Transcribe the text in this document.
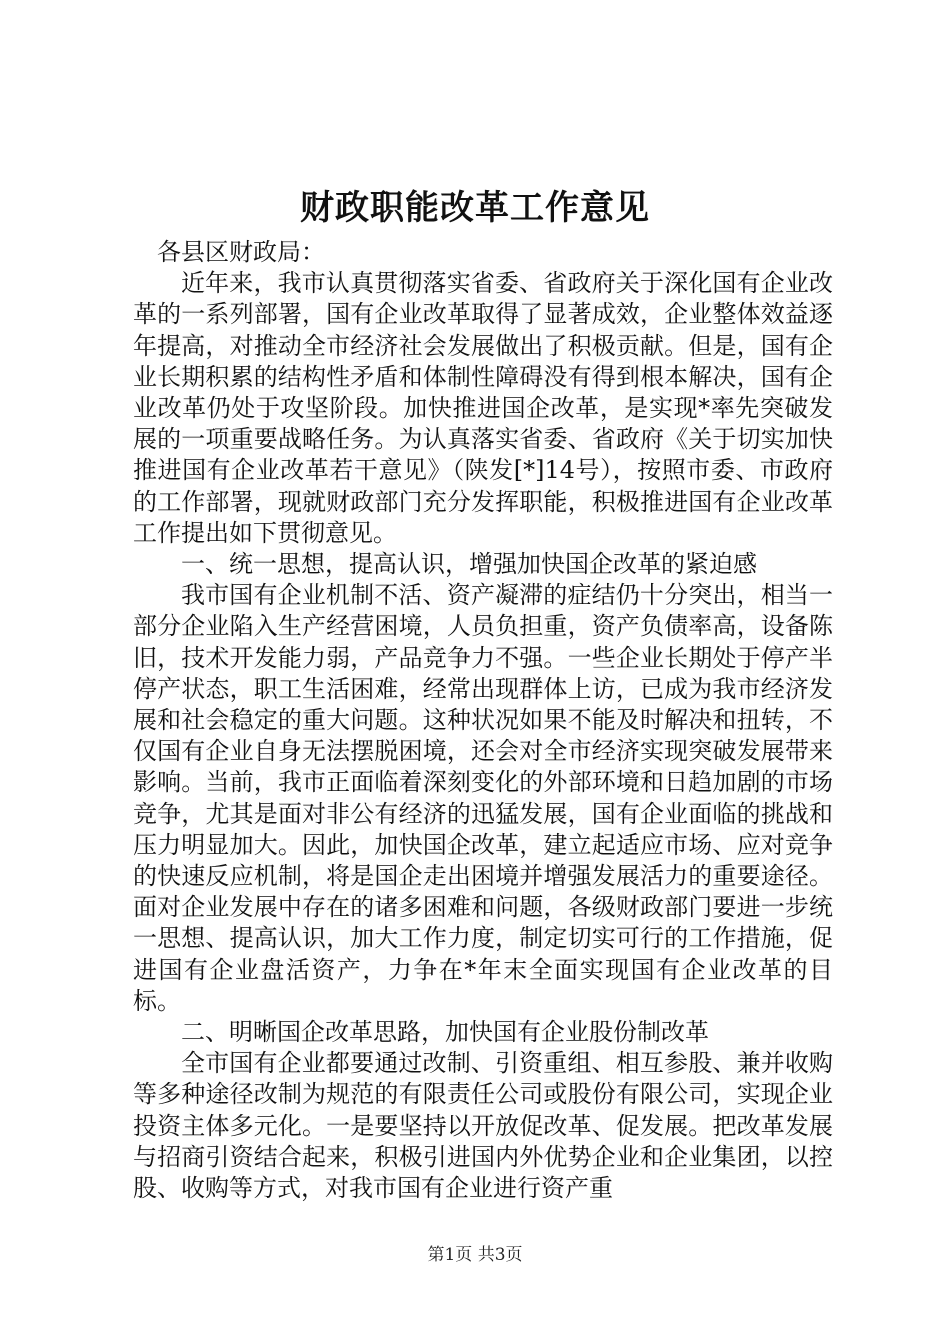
财政职能改革工作意见

各县区财政局：

近年来，我市认真贯彻落实省委、省政府关于深化国有企业改革的一系列部署，国有企业改革取得了显著成效，企业整体效益逐年提高，对推动全市经济社会发展做出了积极贡献。但是，国有企业长期积累的结构性矛盾和体制性障碍没有得到根本解决，国有企业改革仍处于攻坚阶段。加快推进国企改革，是实现*率先突破发展的一项重要战略任务。为认真落实省委、省政府《关于切实加快推进国有企业改革若干意见》（陕发[*]14号），按照市委、市政府的工作部署，现就财政部门充分发挥职能，积极推进国有企业改革工作提出如下贯彻意见。

一、统一思想，提高认识，增强加快国企改革的紧迫感

我市国有企业机制不活、资产凝滞的症结仍十分突出，相当一部分企业陷入生产经营困境，人员负担重，资产负债率高，设备陈旧，技术开发能力弱，产品竞争力不强。一些企业长期处于停产半停产状态，职工生活困难，经常出现群体上访，已成为我市经济发展和社会稳定的重大问题。这种状况如果不能及时解决和扭转，不仅国有企业自身无法摆脱困境，还会对全市经济实现突破发展带来影响。当前，我市正面临着深刻变化的外部环境和日趋加剧的市场竞争，尤其是面对非公有经济的迅猛发展，国有企业面临的挑战和压力明显加大。因此，加快国企改革，建立起适应市场、应对竞争的快速反应机制，将是国企走出困境并增强发展活力的重要途径。面对企业发展中存在的诸多困难和问题，各级财政部门要进一步统一思想、提高认识，加大工作力度，制定切实可行的工作措施，促进国有企业盘活资产，力争在*年末全面实现国有企业改革的目标。

二、明晰国企改革思路，加快国有企业股份制改革

全市国有企业都要通过改制、引资重组、相互参股、兼并收购等多种途径改制为规范的有限责任公司或股份有限公司，实现企业投资主体多元化。一是要坚持以开放促改革、促发展。把改革发展与招商引资结合起来，积极引进国内外优势企业和企业集团，以控股、收购等方式，对我市国有企业进行资产重

第1页 共3页
